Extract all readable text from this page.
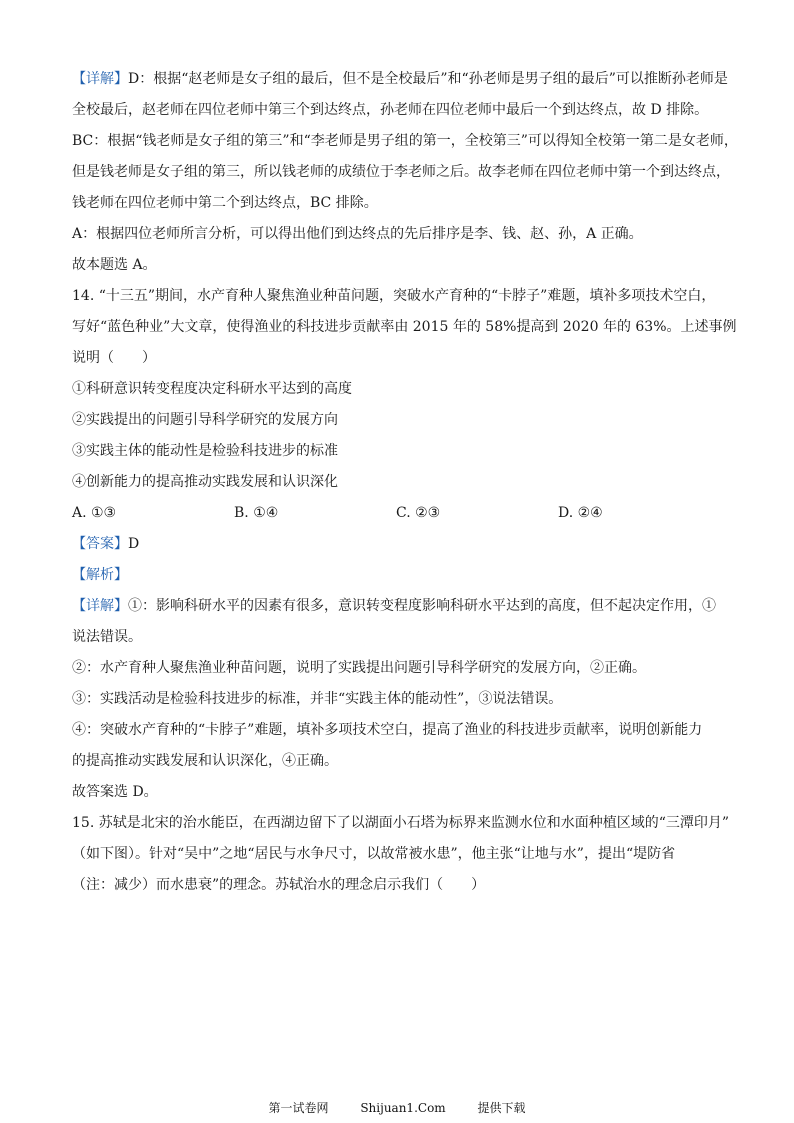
【详解】D：根据“赵老师是女子组的最后，但不是全校最后”和“孙老师是男子组的最后”可以推断孙老师是
全校最后，赵老师在四位老师中第三个到达终点，孙老师在四位老师中最后一个到达终点，故 D 排除。
BC：根据“钱老师是女子组的第三”和“李老师是男子组的第一，全校第三”可以得知全校第一第二是女老师，
但是钱老师是女子组的第三，所以钱老师的成绩位于李老师之后。故李老师在四位老师中第一个到达终点，
钱老师在四位老师中第二个到达终点，BC 排除。
A：根据四位老师所言分析，可以得出他们到达终点的先后排序是李、钱、赵、孙，A 正确。
故本题选 A。
14. “十三五”期间，水产育种人聚焦渔业种苗问题，突破水产育种的“卡脖子”难题，填补多项技术空白，
写好“蓝色种业”大文章，使得渔业的科技进步贡献率由 2015 年的 58%提高到 2020 年的 63%。上述事例
说明（　　）
①科研意识转变程度决定科研水平达到的高度
②实践提出的问题引导科学研究的发展方向
③实践主体的能动性是检验科技进步的标准
④创新能力的提高推动实践发展和认识深化
A. ①③	B. ①④	C. ②③	D. ②④
【答案】D
【解析】
【详解】①：影响科研水平的因素有很多，意识转变程度影响科研水平达到的高度，但不起决定作用，①
说法错误。
②：水产育种人聚焦渔业种苗问题，说明了实践提出问题引导科学研究的发展方向，②正确。
③：实践活动是检验科技进步的标准，并非“实践主体的能动性”，③说法错误。
④：突破水产育种的“卡脖子”难题，填补多项技术空白，提高了渔业的科技进步贡献率，说明创新能力
的提高推动实践发展和认识深化，④正确。
故答案选 D。
15. 苏轼是北宋的治水能臣，在西湖边留下了以湖面小石塔为标界来监测水位和水面种植区域的“三潭印月”
（如下图）。针对“吴中”之地“居民与水争尺寸，以故常被水患”，他主张“让地与水”，提出“堤防省
（注：减少）而水患衰”的理念。苏轼治水的理念启示我们（　　）
第一试卷网	Shijuan1.Com	提供下载
